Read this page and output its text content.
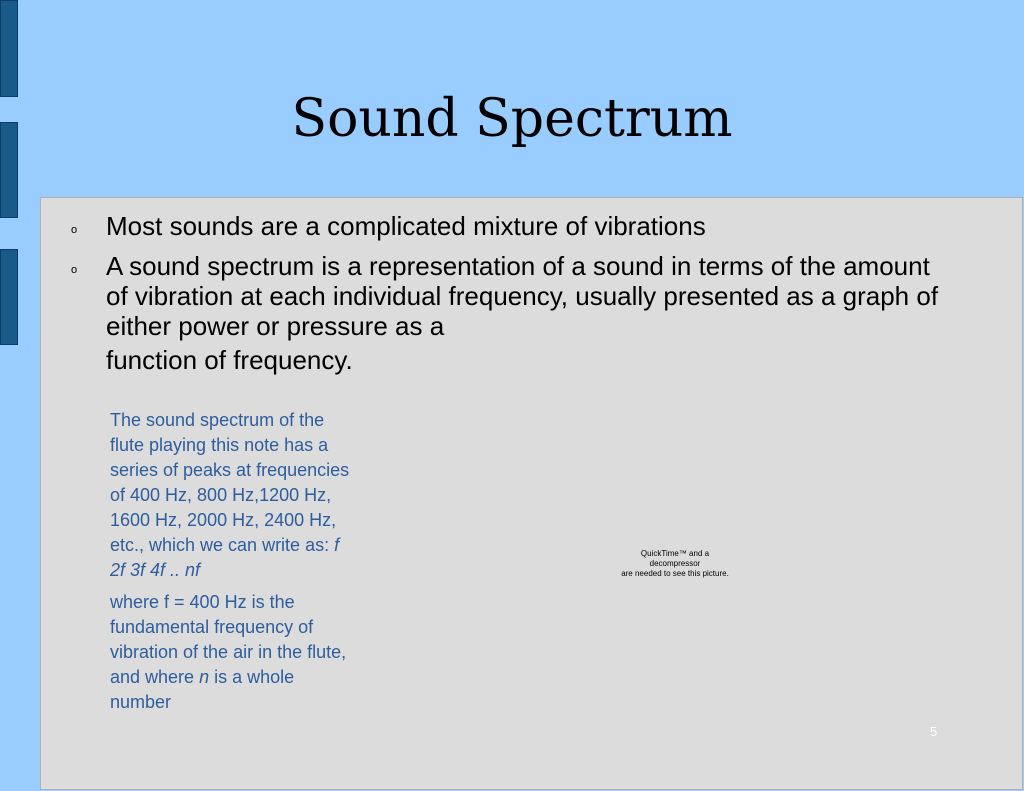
Sound Spectrum
o Most sounds are a complicated mixture of vibrations
o A sound spectrum is a representation of a sound in terms of the amount of vibration at each individual frequency, usually presented as a graph of either power or pressure as a
function of frequency.

The sound spectrum of the flute playing this note has a series of peaks at frequencies of 400 Hz, 800 Hz,1200 Hz, 1600 Hz, 2000 Hz, 2400 Hz, etc., which we can write as: f 2f 3f 4f .. nf

where f = 400 Hz is the fundamental frequency of vibration of the air in the flute, and where n is a whole number

QuickTime™ and a
decompressor
are needed to see this picture.
5
